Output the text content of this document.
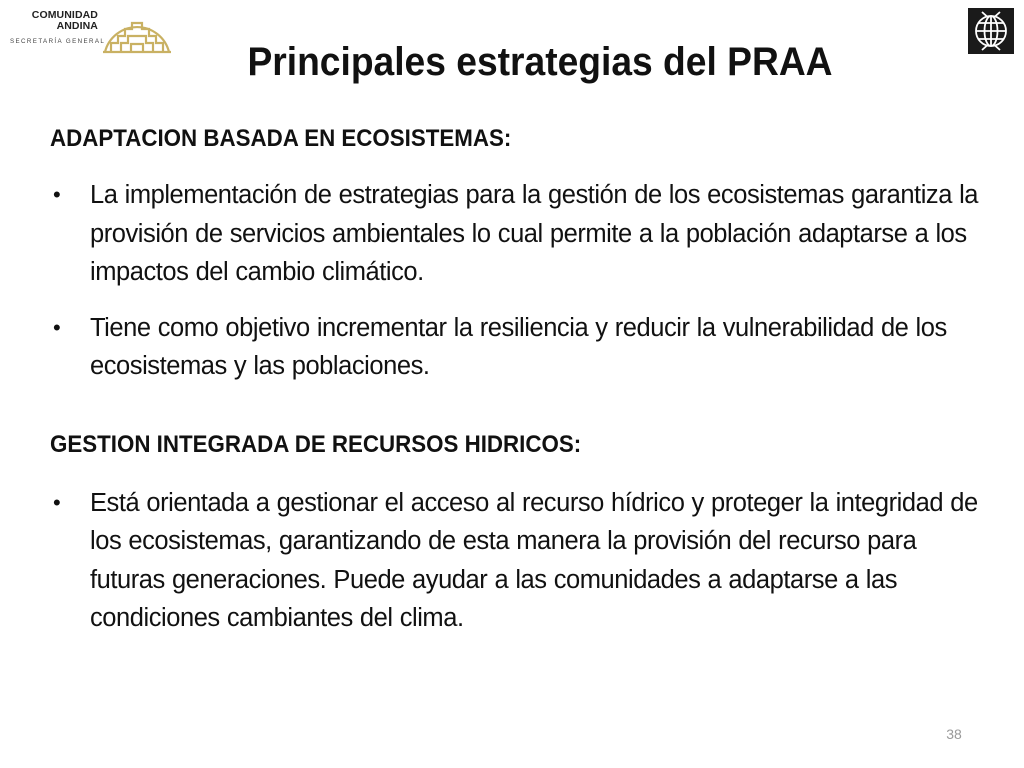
COMUNIDAD
ANDINA
SECRETARÍA GENERAL	Principales estrategias del PRAA
ADAPTACION BASADA EN ECOSISTEMAS:
• La implementación de estrategias para la gestión de los ecosistemas garantiza la provisión de servicios ambientales lo cual permite a la población adaptarse a los impactos del cambio climático.
• Tiene como objetivo incrementar la resiliencia y reducir la vulnerabilidad de los ecosistemas y las poblaciones.
GESTION INTEGRADA DE RECURSOS HIDRICOS:
• Está orientada a gestionar el acceso al recurso hídrico y proteger la integridad de los ecosistemas, garantizando de esta manera la provisión del recurso para futuras generaciones. Puede ayudar a las comunidades a adaptarse a las condiciones cambiantes del clima.
38
